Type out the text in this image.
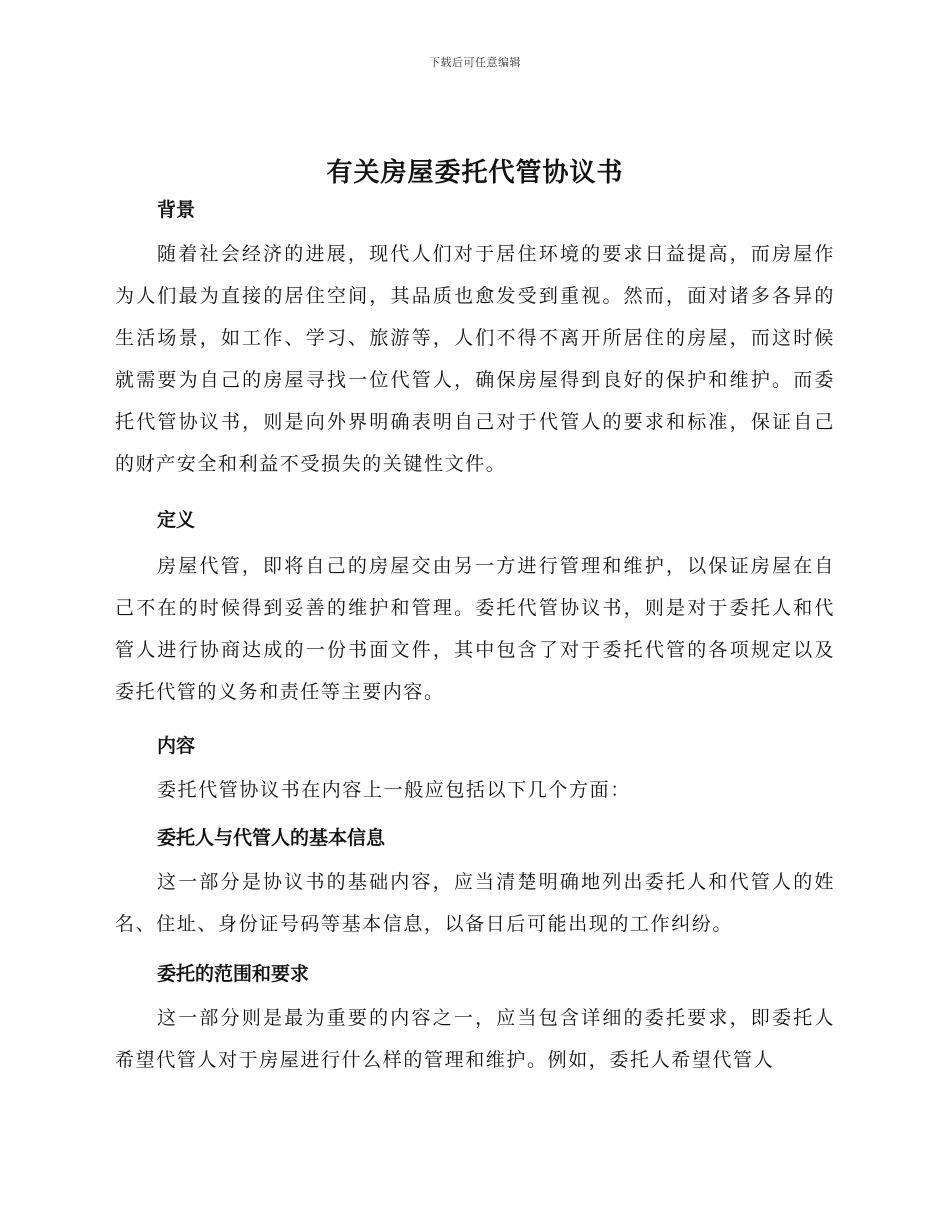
下载后可任意编辑
有关房屋委托代管协议书
背景

随着社会经济的进展，现代人们对于居住环境的要求日益提高，而房屋作为人们最为直接的居住空间，其品质也愈发受到重视。然而，面对诸多各异的生活场景，如工作、学习、旅游等，人们不得不离开所居住的房屋，而这时候就需要为自己的房屋寻找一位代管人，确保房屋得到良好的保护和维护。而委托代管协议书，则是向外界明确表明自己对于代管人的要求和标准，保证自己的财产安全和利益不受损失的关键性文件。

定义

房屋代管，即将自己的房屋交由另一方进行管理和维护，以保证房屋在自己不在的时候得到妥善的维护和管理。委托代管协议书，则是对于委托人和代管人进行协商达成的一份书面文件，其中包含了对于委托代管的各项规定以及委托代管的义务和责任等主要内容。

内容

委托代管协议书在内容上一般应包括以下几个方面：

委托人与代管人的基本信息

这一部分是协议书的基础内容，应当清楚明确地列出委托人和代管人的姓名、住址、身份证号码等基本信息，以备日后可能出现的工作纠纷。

委托的范围和要求

这一部分则是最为重要的内容之一，应当包含详细的委托要求，即委托人希望代管人对于房屋进行什么样的管理和维护。例如，委托人希望代管人
